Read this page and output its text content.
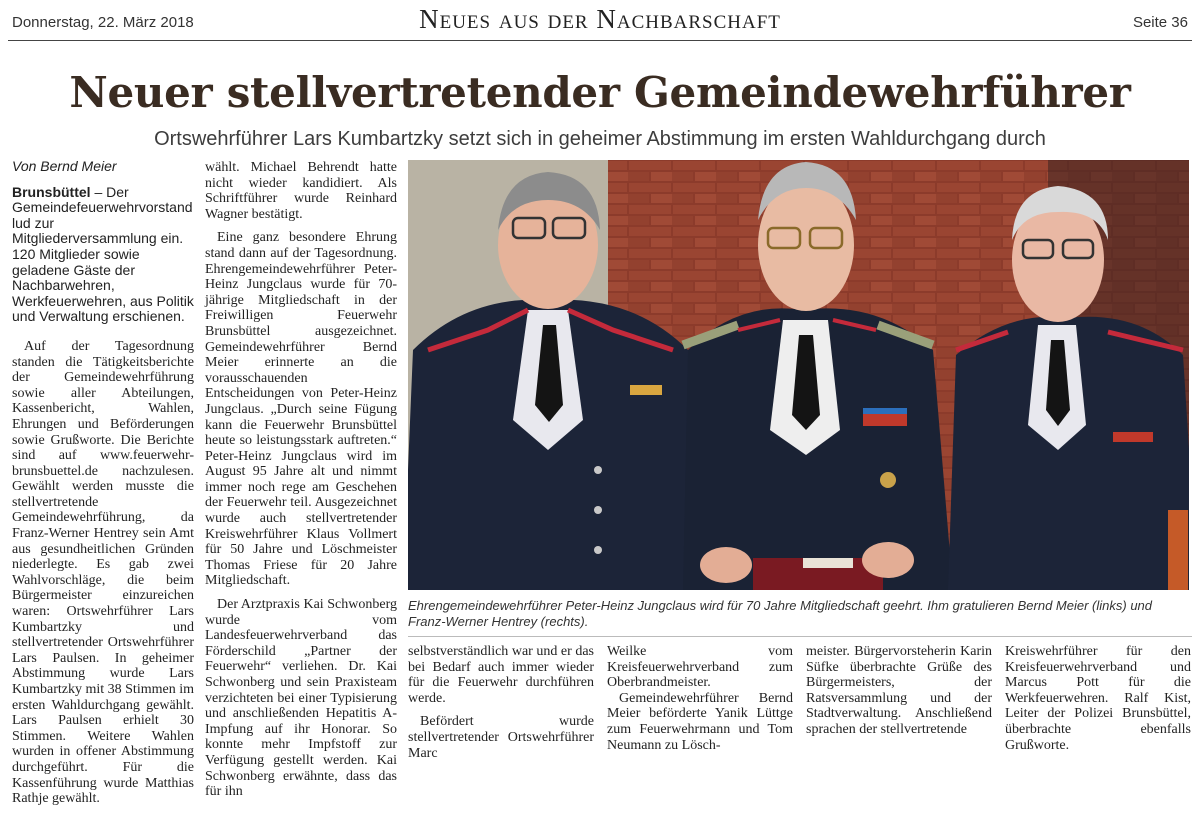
Donnerstag, 22. März 2018	Neues aus der Nachbarschaft	Seite 36
Neuer stellvertretender Gemeindewehrführer
Ortswehrführer Lars Kumbartzky setzt sich in geheimer Abstimmung im ersten Wahldurchgang durch

Von Bernd Meier

Brunsbüttel – Der Gemeindefeuerwehrvorstand lud zur Mitgliederversammlung ein. 120 Mitglieder sowie geladene Gäste der Nachbarwehren, Werkfeuerwehren, aus Politik und Verwaltung erschienen.

Auf der Tagesordnung standen die Tätigkeitsberichte der Gemeindewehrführung sowie aller Abteilungen, Kassenbericht, Wahlen, Ehrungen und Beförderungen sowie Grußworte. Die Berichte sind auf www.feuerwehr-brunsbuettel.de nachzulesen. Gewählt werden musste die stellvertretende Gemeindewehrführung, da Franz-Werner Hentrey sein Amt aus gesundheitlichen Gründen niederlegte. Es gab zwei Wahlvorschläge, die beim Bürgermeister einzureichen waren: Ortswehrführer Lars Kumbartzky und stellvertretender Ortswehrführer Lars Paulsen. In geheimer Abstimmung wurde Lars Kumbartzky mit 38 Stimmen im ersten Wahldurchgang gewählt. Lars Paulsen erhielt 30 Stimmen. Weitere Wahlen wurden in offener Abstimmung durchgeführt. Für die Kassenführung wurde Matthias Rathje gewählt.

wählt. Michael Behrendt hatte nicht wieder kandidiert. Als Schriftführer wurde Reinhard Wagner bestätigt.

Eine ganz besondere Ehrung stand dann auf der Tagesordnung. Ehrengemeindewehrführer Peter-Heinz Jungclaus wurde für 70-jährige Mitgliedschaft in der Freiwilligen Feuerwehr Brunsbüttel ausgezeichnet. Gemeindewehrführer Bernd Meier erinnerte an die vorausschauenden Entscheidungen von Peter-Heinz Jungclaus. „Durch seine Fügung kann die Feuerwehr Brunsbüttel heute so leistungsstark auftreten.“ Peter-Heinz Jungclaus wird im August 95 Jahre alt und nimmt immer noch rege am Geschehen der Feuerwehr teil. Ausgezeichnet wurde auch stellvertretender Kreiswehrführer Klaus Vollmert für 50 Jahre und Löschmeister Thomas Friese für 20 Jahre Mitgliedschaft.

Der Arztpraxis Kai Schwonberg wurde vom Landesfeuerwehrverband das Förderschild „Partner der Feuerwehr“ verliehen. Dr. Kai Schwonberg und sein Praxisteam verzichteten bei einer Typisierung und anschließenden Hepatitis A-Impfung auf ihr Honorar. So konnte mehr Impfstoff zur Verfügung gestellt werden. Kai Schwonberg erwähnte, dass das für ihn

Ehrengemeindewehrführer Peter-Heinz Jungclaus wird für 70 Jahre Mitgliedschaft geehrt. Ihm gratulieren Bernd Meier (links) und Franz-Werner Hentrey (rechts).

selbstverständlich war und er das bei Bedarf auch immer wieder für die Feuerwehr durchführen werde.

Befördert wurde stellvertretender Ortswehrführer Marc

Weilke vom Kreisfeuerwehrverband zum Oberbrandmeister.

Gemeindewehrführer Bernd Meier beförderte Yanik Lüttge zum Feuerwehrmann und Tom Neumann zu Lösch-

meister. Bürgervorsteherin Karin Süfke überbrachte Grüße des Bürgermeisters, der Ratsversammlung und der Stadtverwaltung. Anschließend sprachen der stellvertretende

Kreiswehrführer für den Kreisfeuerwehrverband und Marcus Pott für die Werkfeuerwehren. Ralf Kist, Leiter der Polizei Brunsbüttel, überbrachte ebenfalls Grußworte.
